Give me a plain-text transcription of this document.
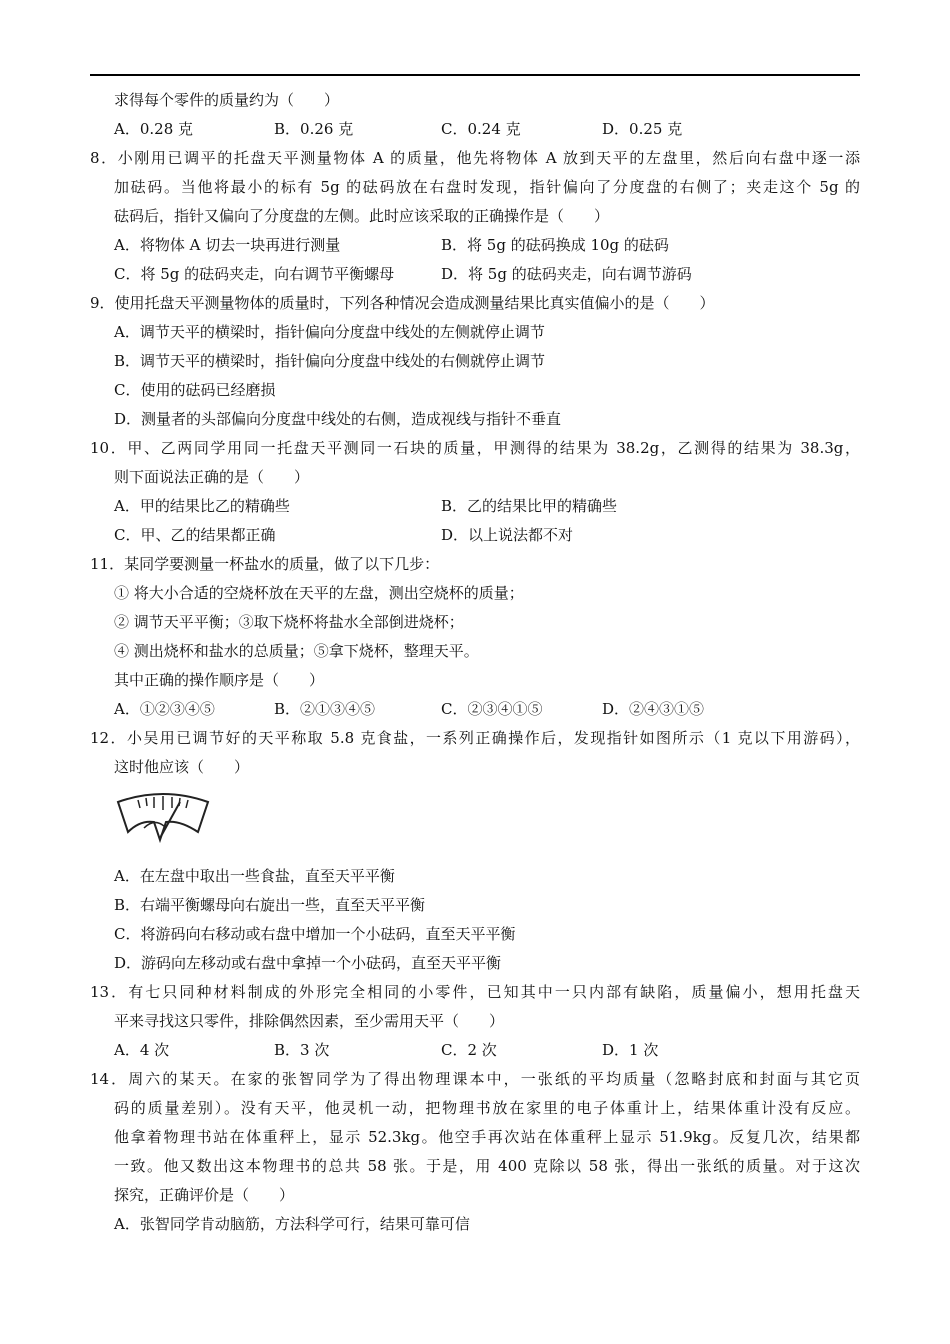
求得每个零件的质量约为（　　）
A．0.28 克	B．0.26 克	C．0.24 克	D．0.25 克
8．小刚用已调平的托盘天平测量物体 A 的质量，他先将物体 A 放到天平的左盘里，然后向右盘中逐一添
加砝码。当他将最小的标有 5g 的砝码放在右盘时发现，指针偏向了分度盘的右侧了；夹走这个 5g 的
砝码后，指针又偏向了分度盘的左侧。此时应该采取的正确操作是（　　）
A．将物体 A 切去一块再进行测量	B．将 5g 的砝码换成 10g 的砝码
C．将 5g 的砝码夹走，向右调节平衡螺母	D．将 5g 的砝码夹走，向右调节游码
9．使用托盘天平测量物体的质量时，下列各种情况会造成测量结果比真实值偏小的是（　　）
A．调节天平的横梁时，指针偏向分度盘中线处的左侧就停止调节
B．调节天平的横梁时，指针偏向分度盘中线处的右侧就停止调节
C．使用的砝码已经磨损
D．测量者的头部偏向分度盘中线处的右侧，造成视线与指针不垂直
10．甲、乙两同学用同一托盘天平测同一石块的质量，甲测得的结果为 38.2g，乙测得的结果为 38.3g，
则下面说法正确的是（　　）
A．甲的结果比乙的精确些	B．乙的结果比甲的精确些
C．甲、乙的结果都正确	D．以上说法都不对
11．某同学要测量一杯盐水的质量，做了以下几步：
① 将大小合适的空烧杯放在天平的左盘，测出空烧杯的质量；
② 调节天平平衡；③取下烧杯将盐水全部倒进烧杯；
④ 测出烧杯和盐水的总质量；⑤拿下烧杯，整理天平。
其中正确的操作顺序是（　　）
A．①②③④⑤	B．②①③④⑤	C．②③④①⑤	D．②④③①⑤
12．小吴用已调节好的天平称取 5.8 克食盐，一系列正确操作后，发现指针如图所示（1 克以下用游码），
这时他应该（　　）
A．在左盘中取出一些食盐，直至天平平衡
B．右端平衡螺母向右旋出一些，直至天平平衡
C．将游码向右移动或右盘中增加一个小砝码，直至天平平衡
D．游码向左移动或右盘中拿掉一个小砝码，直至天平平衡
13．有七只同种材料制成的外形完全相同的小零件，已知其中一只内部有缺陷，质量偏小，想用托盘天
平来寻找这只零件，排除偶然因素，至少需用天平（　　）
A．4 次	B．3 次	C．2 次	D．1 次
14．周六的某天。在家的张智同学为了得出物理课本中，一张纸的平均质量（忽略封底和封面与其它页
码的质量差别）。没有天平，他灵机一动，把物理书放在家里的电子体重计上，结果体重计没有反应。
他拿着物理书站在体重秤上，显示 52.3kg。他空手再次站在体重秤上显示 51.9kg。反复几次，结果都
一致。他又数出这本物理书的总共 58 张。于是，用 400 克除以 58 张，得出一张纸的质量。对于这次
探究，正确评价是（　　）
A．张智同学肯动脑筋，方法科学可行，结果可靠可信
